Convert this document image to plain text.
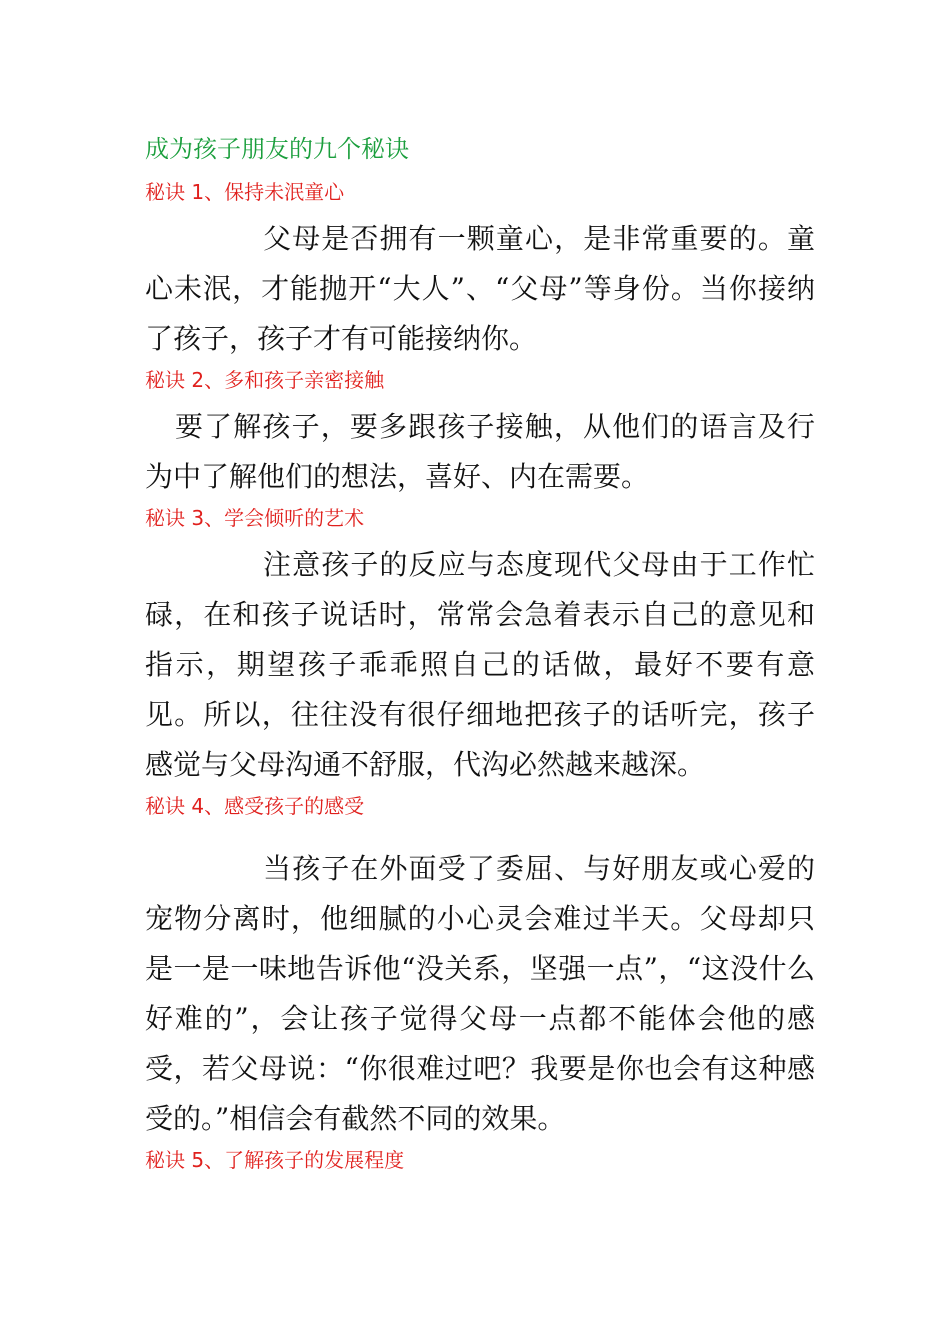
成为孩子朋友的九个秘诀
秘诀 1、保持未泯童心

父母是否拥有一颗童心，是非常重要的。童心未泯，才能抛开“大人”、“父母”等身份。当你接纳了孩子，孩子才有可能接纳你。

秘诀 2、多和孩子亲密接触

要了解孩子，要多跟孩子接触，从他们的语言及行为中了解他们的想法，喜好、内在需要。

秘诀 3、学会倾听的艺术

注意孩子的反应与态度现代父母由于工作忙碌，在和孩子说话时，常常会急着表示自己的意见和指示，期望孩子乖乖照自己的话做，最好不要有意见。所以，往往没有很仔细地把孩子的话听完，孩子感觉与父母沟通不舒服，代沟必然越来越深。

秘诀 4、感受孩子的感受

当孩子在外面受了委屈、与好朋友或心爱的宠物分离时，他细腻的小心灵会难过半天。父母却只是一是一味地告诉他“没关系，坚强一点”，“这没什么好难的”，会让孩子觉得父母一点都不能体会他的感受，若父母说：“你很难过吧？我要是你也会有这种感受的。”相信会有截然不同的效果。

秘诀 5、了解孩子的发展程度
